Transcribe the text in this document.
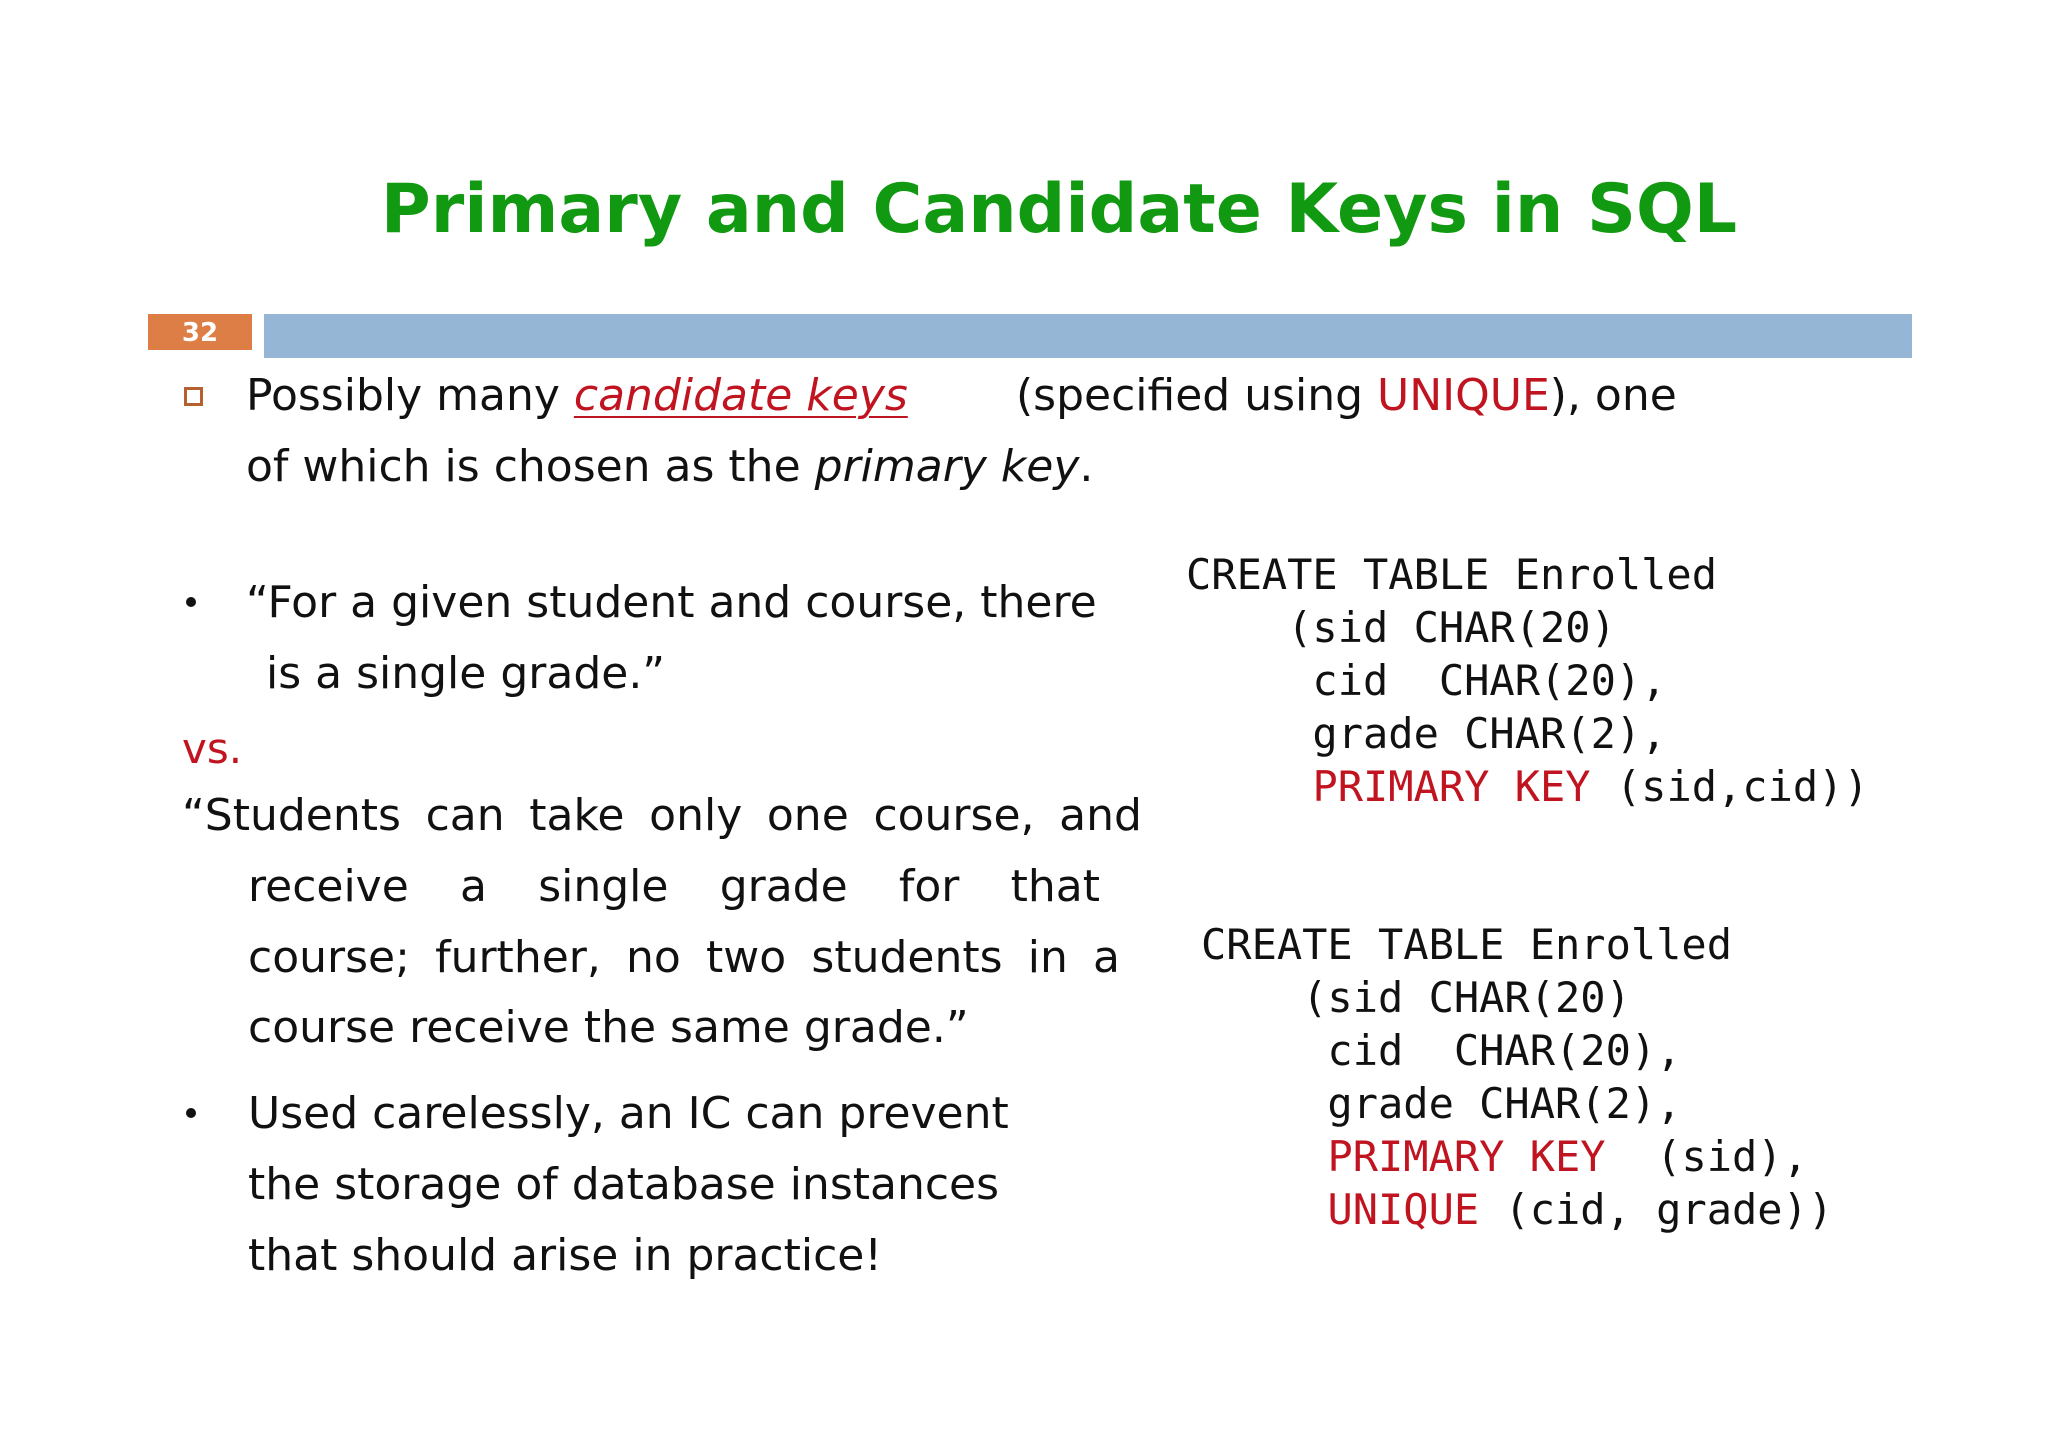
Primary and Candidate Keys in SQL
32
Possibly many candidate keys (specified using UNIQUE), one
of which is chosen as the primary key.
“For a given student and course, there
is a single grade.”
vs.
“Students can take only one course, and
receive a single grade for that
course; further, no two students in a
course receive the same grade.”
Used carelessly, an IC can prevent
the storage of database instances
that should arise in practice!
CREATE TABLE Enrolled
(sid CHAR(20)
cid  CHAR(20),
grade CHAR(2),
PRIMARY KEY (sid,cid))
CREATE TABLE Enrolled
(sid CHAR(20)
cid  CHAR(20),
grade CHAR(2),
PRIMARY KEY  (sid),
UNIQUE (cid, grade))
